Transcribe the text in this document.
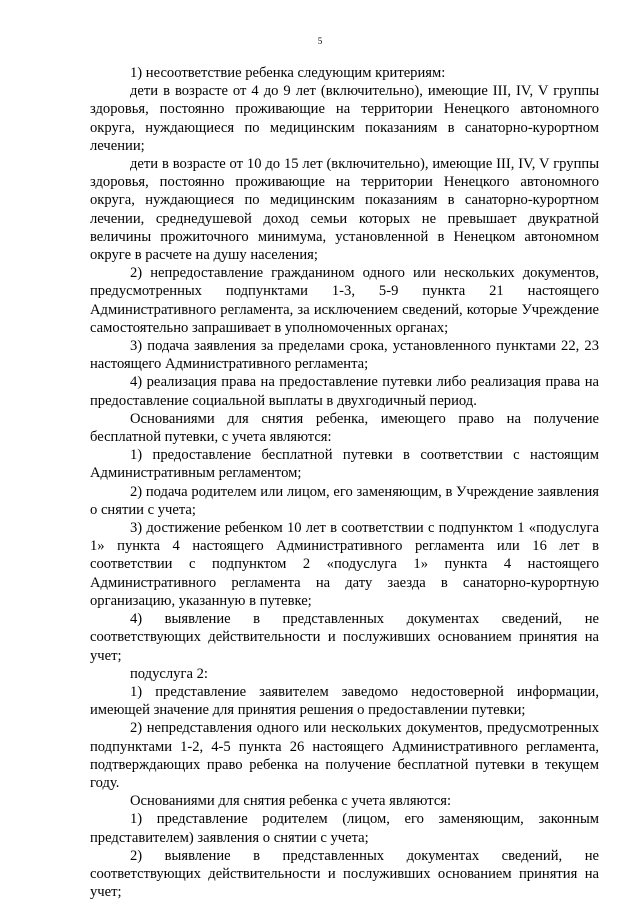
5

1) несоответствие ребенка следующим критериям:

дети в возрасте от 4 до 9 лет (включительно), имеющие III, IV, V группы здоровья, постоянно проживающие на территории Ненецкого автономного округа, нуждающиеся по медицинским показаниям в санаторно-курортном лечении;

дети в возрасте от 10 до 15 лет (включительно), имеющие III, IV, V группы здоровья, постоянно проживающие на территории Ненецкого автономного округа, нуждающиеся по медицинским показаниям в санаторно-курортном лечении, среднедушевой доход семьи которых не превышает двукратной величины прожиточного минимума, установленной в Ненецком автономном округе в расчете на душу населения;

2) непредоставление гражданином одного или нескольких документов, предусмотренных подпунктами 1-3, 5-9 пункта 21 настоящего Административного регламента, за исключением сведений, которые Учреждение самостоятельно запрашивает в уполномоченных органах;

3) подача заявления за пределами срока, установленного пунктами 22, 23 настоящего Административного регламента;

4) реализация права на предоставление путевки либо реализация права на предоставление социальной выплаты в двухгодичный период.

Основаниями для снятия ребенка, имеющего право на получение бесплатной путевки, с учета являются:

1) предоставление бесплатной путевки в соответствии с настоящим Административным регламентом;

2) подача родителем или лицом, его заменяющим, в Учреждение заявления о снятии с учета;

3) достижение ребенком 10 лет в соответствии с подпунктом 1 «подуслуга 1» пункта 4 настоящего Административного регламента или 16 лет в соответствии с подпунктом 2 «подуслуга 1» пункта 4 настоящего Административного регламента на дату заезда в санаторно-курортную организацию, указанную в путевке;

4) выявление в представленных документах сведений, не соответствующих действительности и послуживших основанием принятия на учет;

подуслуга 2:

1) представление заявителем заведомо недостоверной информации, имеющей значение для принятия решения о предоставлении путевки;

2) непредставления одного или нескольких документов, предусмотренных подпунктами 1-2, 4-5 пункта 26 настоящего Административного регламента, подтверждающих право ребенка на получение бесплатной путевки в текущем году.

Основаниями для снятия ребенка с учета являются:

1) представление родителем (лицом, его заменяющим, законным представителем) заявления о снятии с учета;

2) выявление в представленных документах сведений, не соответствующих действительности и послуживших основанием принятия на учет;
